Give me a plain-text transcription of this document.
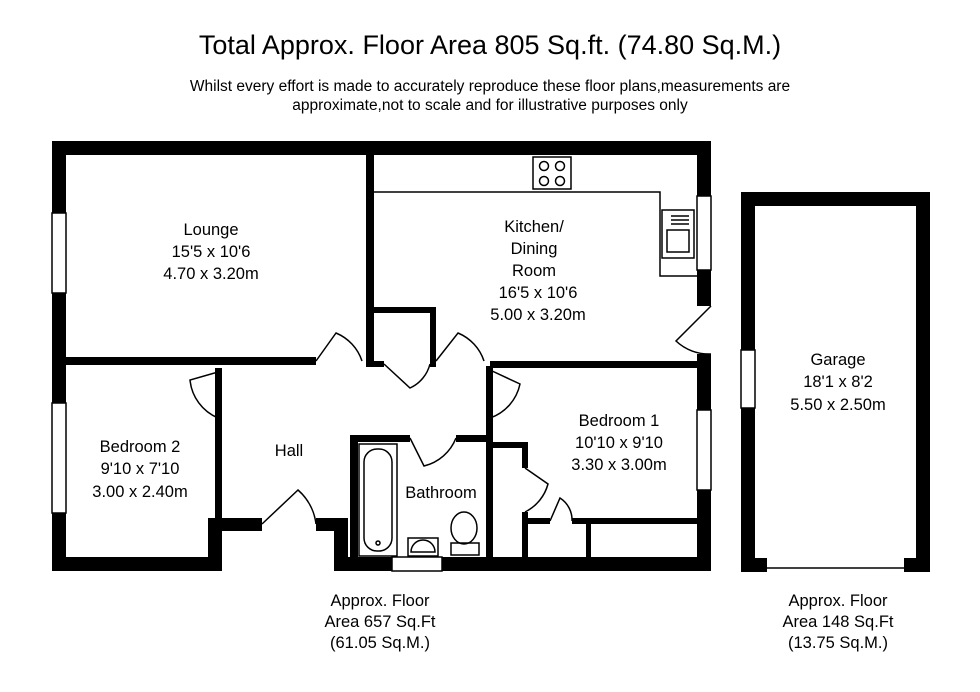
Total Approx. Floor Area 805 Sq.ft. (74.80 Sq.M.)
Whilst every effort is made to accurately reproduce these floor plans,measurements are
approximate,not to scale and for illustrative purposes only
Lounge
15'5 x 10'6
4.70 x 3.20m
Kitchen/
Dining
Room
16'5 x 10'6
5.00 x 3.20m
Bedroom 2
9'10 x 7'10
3.00 x 2.40m
Hall
Bathroom
Bedroom 1
10'10 x 9'10
3.30 x 3.00m
Garage
18'1 x 8'2
5.50 x 2.50m
Approx. Floor
Area 657 Sq.Ft
(61.05 Sq.M.)
Approx. Floor
Area 148 Sq.Ft
(13.75 Sq.M.)
